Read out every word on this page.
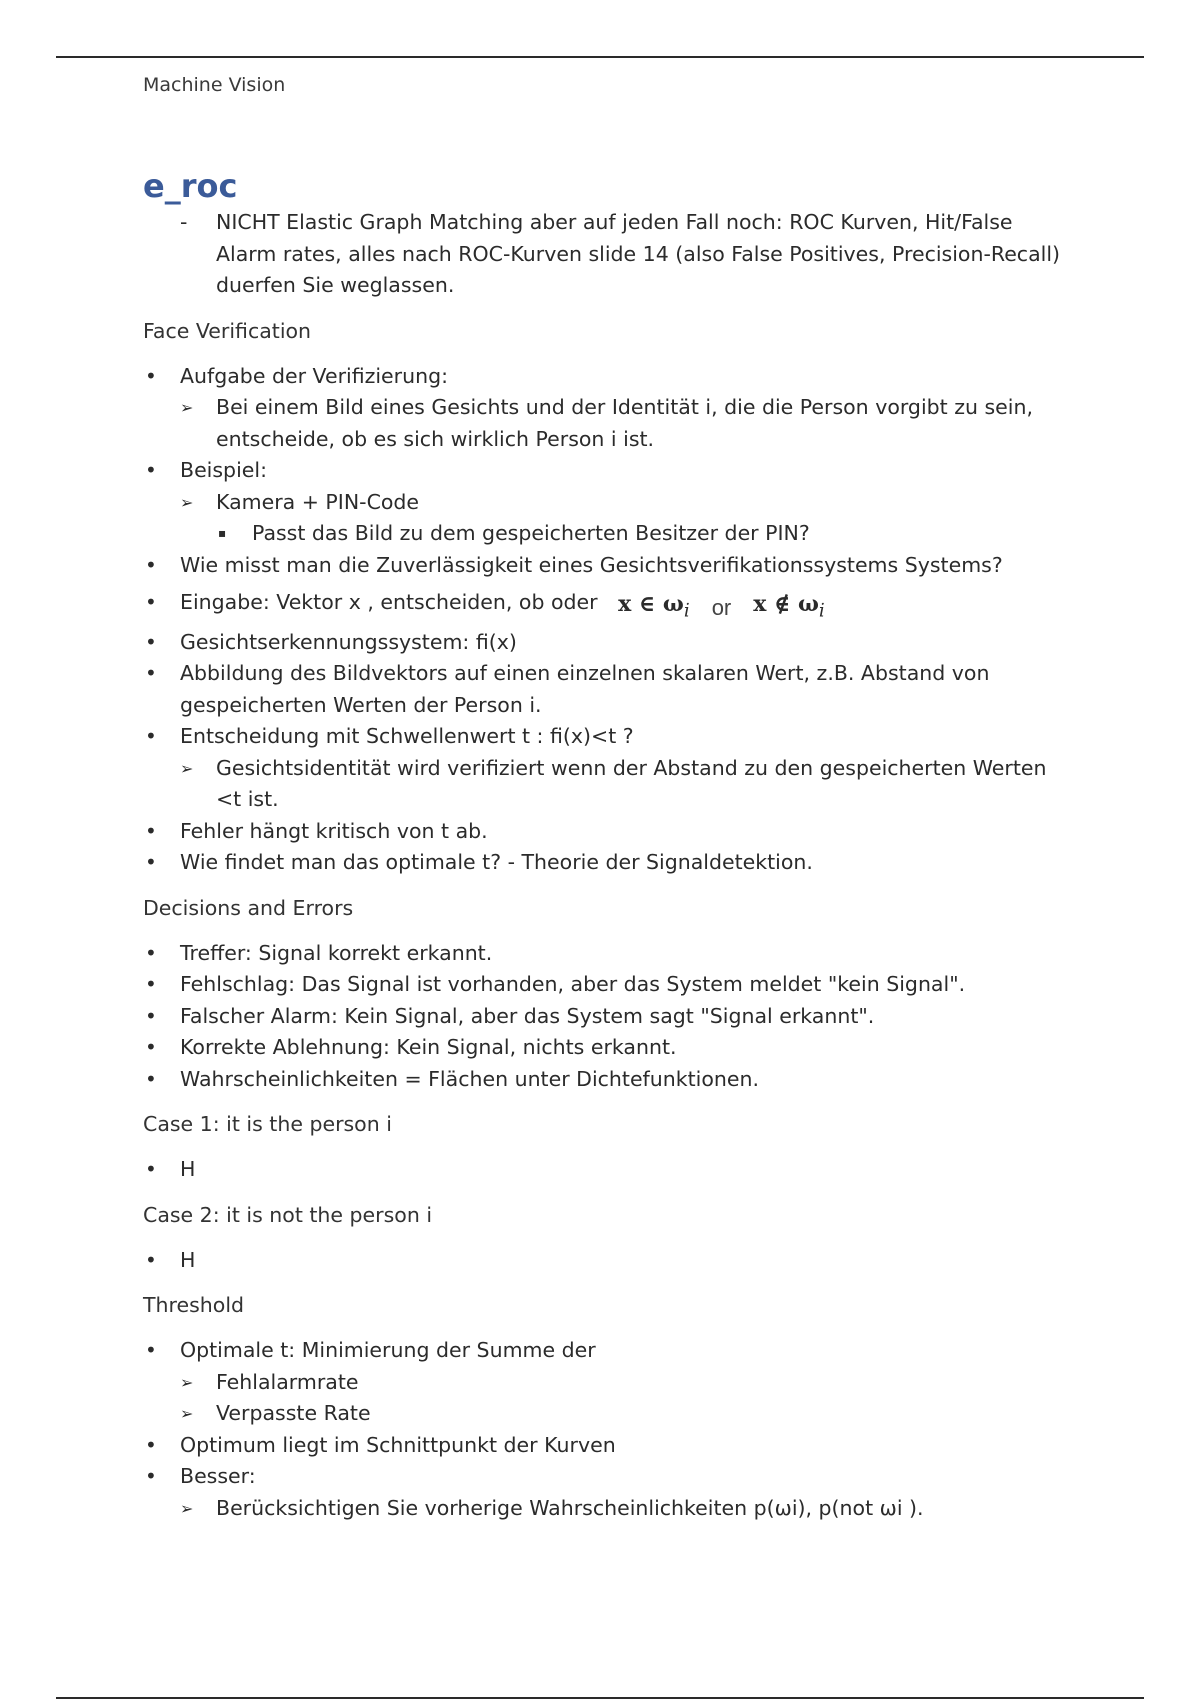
Machine Vision
e_roc
- NICHT Elastic Graph Matching aber auf jeden Fall noch: ROC Kurven, Hit/False Alarm rates, alles nach ROC-Kurven slide 14 (also False Positives, Precision-Recall) duerfen Sie weglassen.
Face Verification
• Aufgabe der Verifizierung:
➢ Bei einem Bild eines Gesichts und der Identität i, die die Person vorgibt zu sein, entscheide, ob es sich wirklich Person i ist.
• Beispiel:
➢ Kamera + PIN-Code
▪ Passt das Bild zu dem gespeicherten Besitzer der PIN?
• Wie misst man die Zuverlässigkeit eines Gesichtsverifikationssystems Systems?
• Eingabe: Vektor x , entscheiden, ob oder x ∈ $\omega_i$ or x ∉ $\omega_i$
• Gesichtserkennungssystem: fi(x)
• Abbildung des Bildvektors auf einen einzelnen skalaren Wert, z.B. Abstand von gespeicherten Werten der Person i.
• Entscheidung mit Schwellenwert t : fi(x)<t ?
➢ Gesichtsidentität wird verifiziert wenn der Abstand zu den gespeicherten Werten <t ist.
• Fehler hängt kritisch von t ab.
• Wie findet man das optimale t? - Theorie der Signaldetektion.
Decisions and Errors
• Treffer: Signal korrekt erkannt.
• Fehlschlag: Das Signal ist vorhanden, aber das System meldet "kein Signal".
• Falscher Alarm: Kein Signal, aber das System sagt "Signal erkannt".
• Korrekte Ablehnung: Kein Signal, nichts erkannt.
• Wahrscheinlichkeiten = Flächen unter Dichtefunktionen.
Case 1: it is the person i
• H
Case 2: it is not the person i
• H
Threshold
• Optimale t: Minimierung der Summe der
➢ Fehlalarmrate
➢ Verpasste Rate
• Optimum liegt im Schnittpunkt der Kurven
• Besser:
➢ Berücksichtigen Sie vorherige Wahrscheinlichkeiten p(ωi), p(not ωi ).
